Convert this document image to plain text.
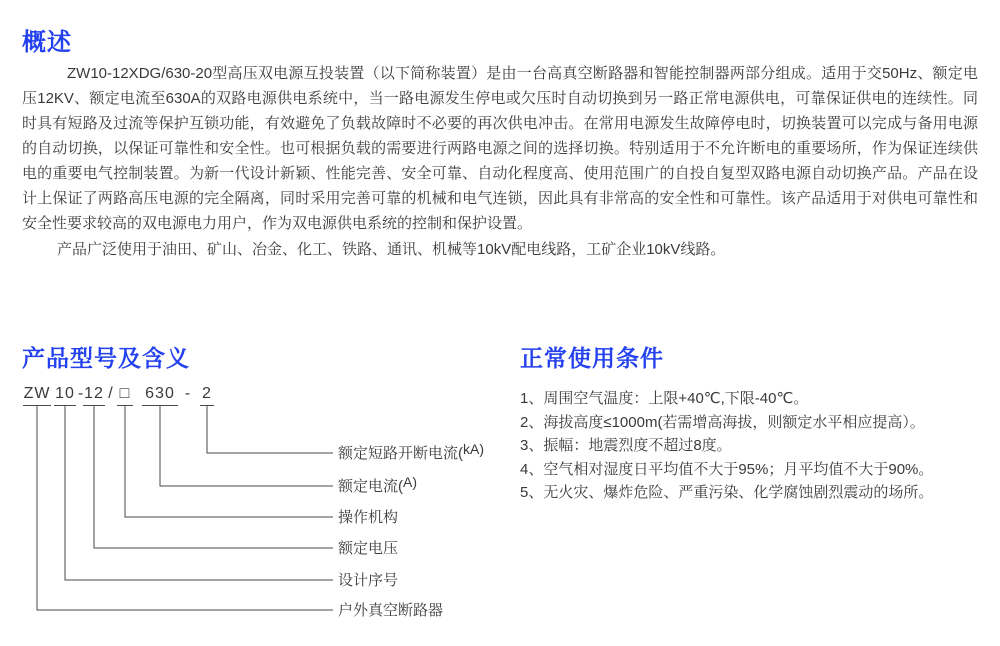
概述

ZW10-12XDG/630-20型高压双电源互投装置（以下简称装置）是由一台高真空断路器和智能控制器两部分组成。适用于交50Hz、额定电压12KV、额定电流至630A的双路电源供电系统中，当一路电源发生停电或欠压时自动切换到另一路正常电源供电，可靠保证供电的连续性。同时具有短路及过流等保护互锁功能，有效避免了负载故障时不必要的再次供电冲击。在常用电源发生故障停电时，切换装置可以完成与备用电源的自动切换，以保证可靠性和安全性。也可根据负载的需要进行两路电源之间的选择切换。特别适用于不允许断电的重要场所，作为保证连续供电的重要电气控制装置。为新一代设计新颖、性能完善、安全可靠、自动化程度高、使用范围广的自投自复型双路电源自动切换产品。产品在设计上保证了两路高压电源的完全隔离，同时采用完善可靠的机械和电气连锁，因此具有非常高的安全性和可靠性。该产品适用于对供电可靠性和安全性要求较高的双电源电力用户，作为双电源供电系统的控制和保护设置。

产品广泛使用于油田、矿山、冶金、化工、铁路、通讯、机械等10kV配电线路，工矿企业10kV线路。

产品型号及含义	正常使用条件
ZW 10 - 12 / □ 630 - 2
额定短路开断电流(kA)
额定电流(A)
操作机构
额定电压
设计序号
户外真空断路器
1、周围空气温度：上限+40℃,下限-40℃。
2、海拔高度≤1000m(若需增高海拔，则额定水平相应提高）。
3、振幅：地震烈度不超过8度。
4、空气相对湿度日平均值不大于95%；月平均值不大于90%。
5、无火灾、爆炸危险、严重污染、化学腐蚀剧烈震动的场所。
